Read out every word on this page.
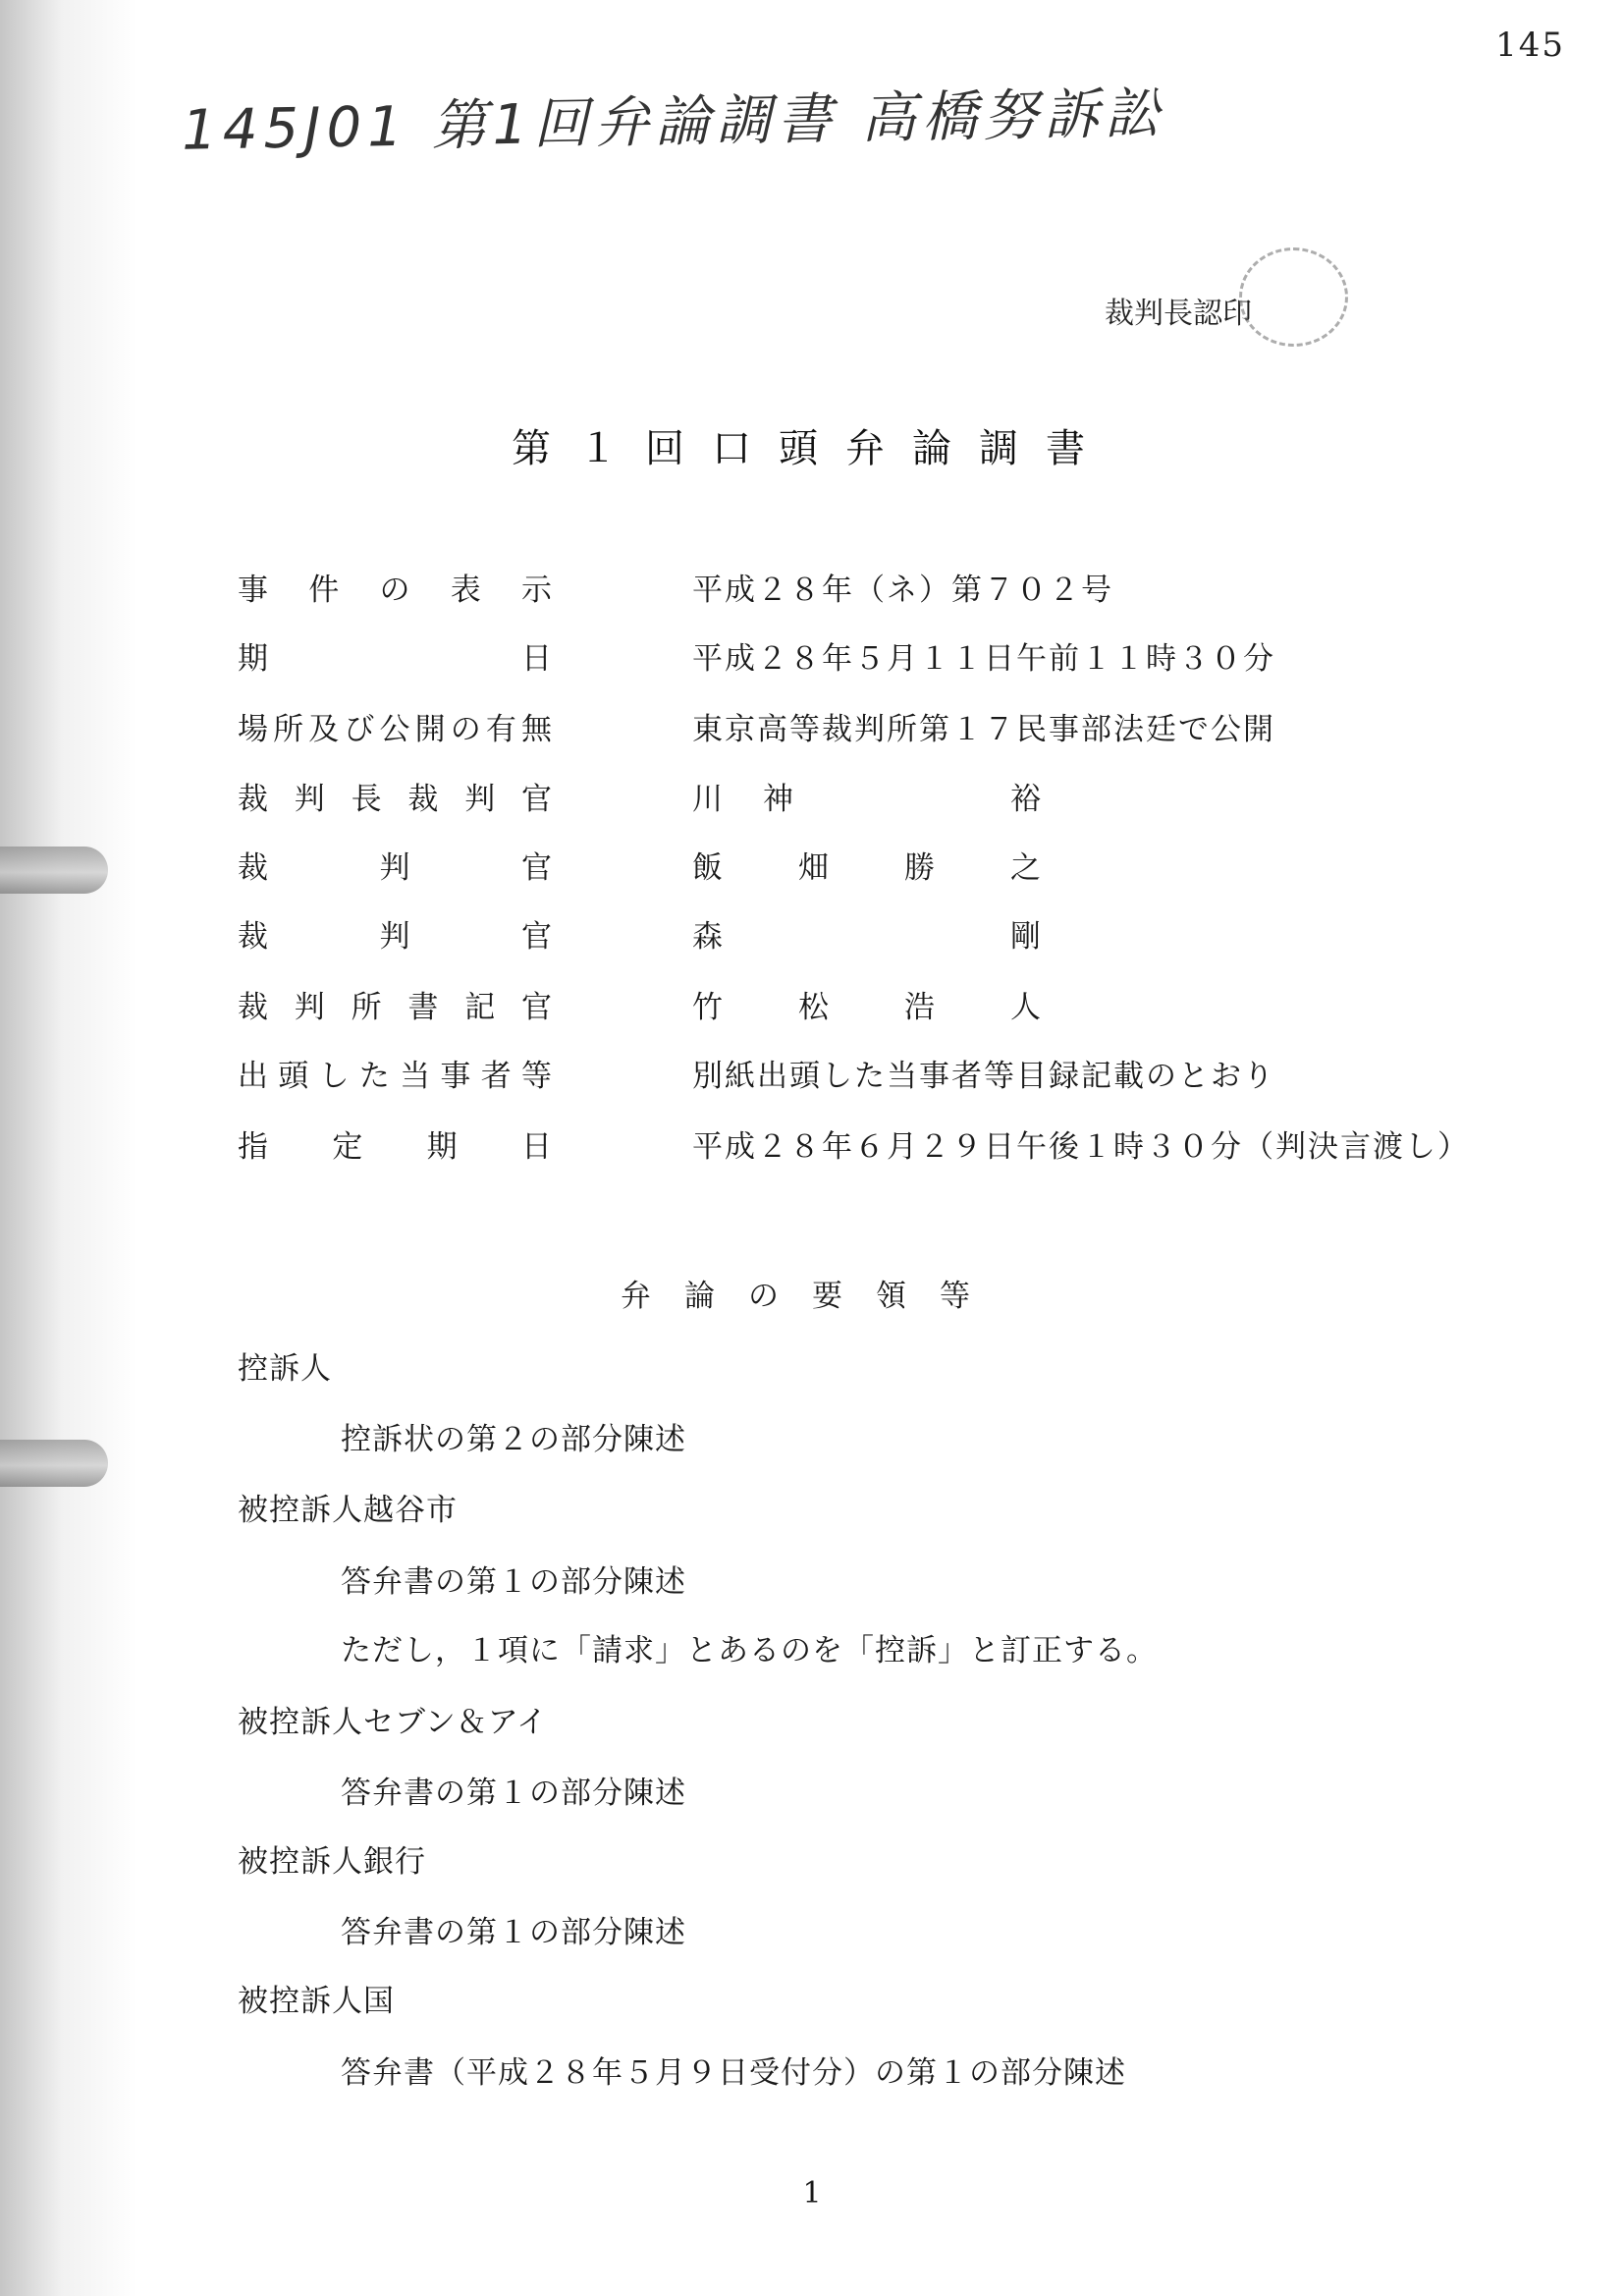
145
145J01 第1回弁論調書 高橋努訴訟
裁判長認印
第１回口頭弁論調書
事 件 の 表 示	平成２８年（ネ）第７０２号
期	日	平成２８年５月１１日午前１１時３０分
場 所 及 び 公 開 の 有 無	東京高等裁判所第１７民事部法廷で公開
裁 判 長 裁 判 官	川 神	裕
裁	判	官	飯 畑 勝 之
裁	判	官	森	剛
裁 判 所 書 記 官	竹 松 浩 人
出 頭 し た 当 事 者 等	別紙出頭した当事者等目録記載のとおり
指 定 期 日	平成２８年６月２９日午後１時３０分（判決言渡し）
弁論の要領等
控訴人
控訴状の第２の部分陳述
被控訴人越谷市
答弁書の第１の部分陳述
ただし，１項に「請求」とあるのを「控訴」と訂正する。
被控訴人セブン＆アイ
答弁書の第１の部分陳述
被控訴人銀行
答弁書の第１の部分陳述
被控訴人国
答弁書（平成２８年５月９日受付分）の第１の部分陳述
1
